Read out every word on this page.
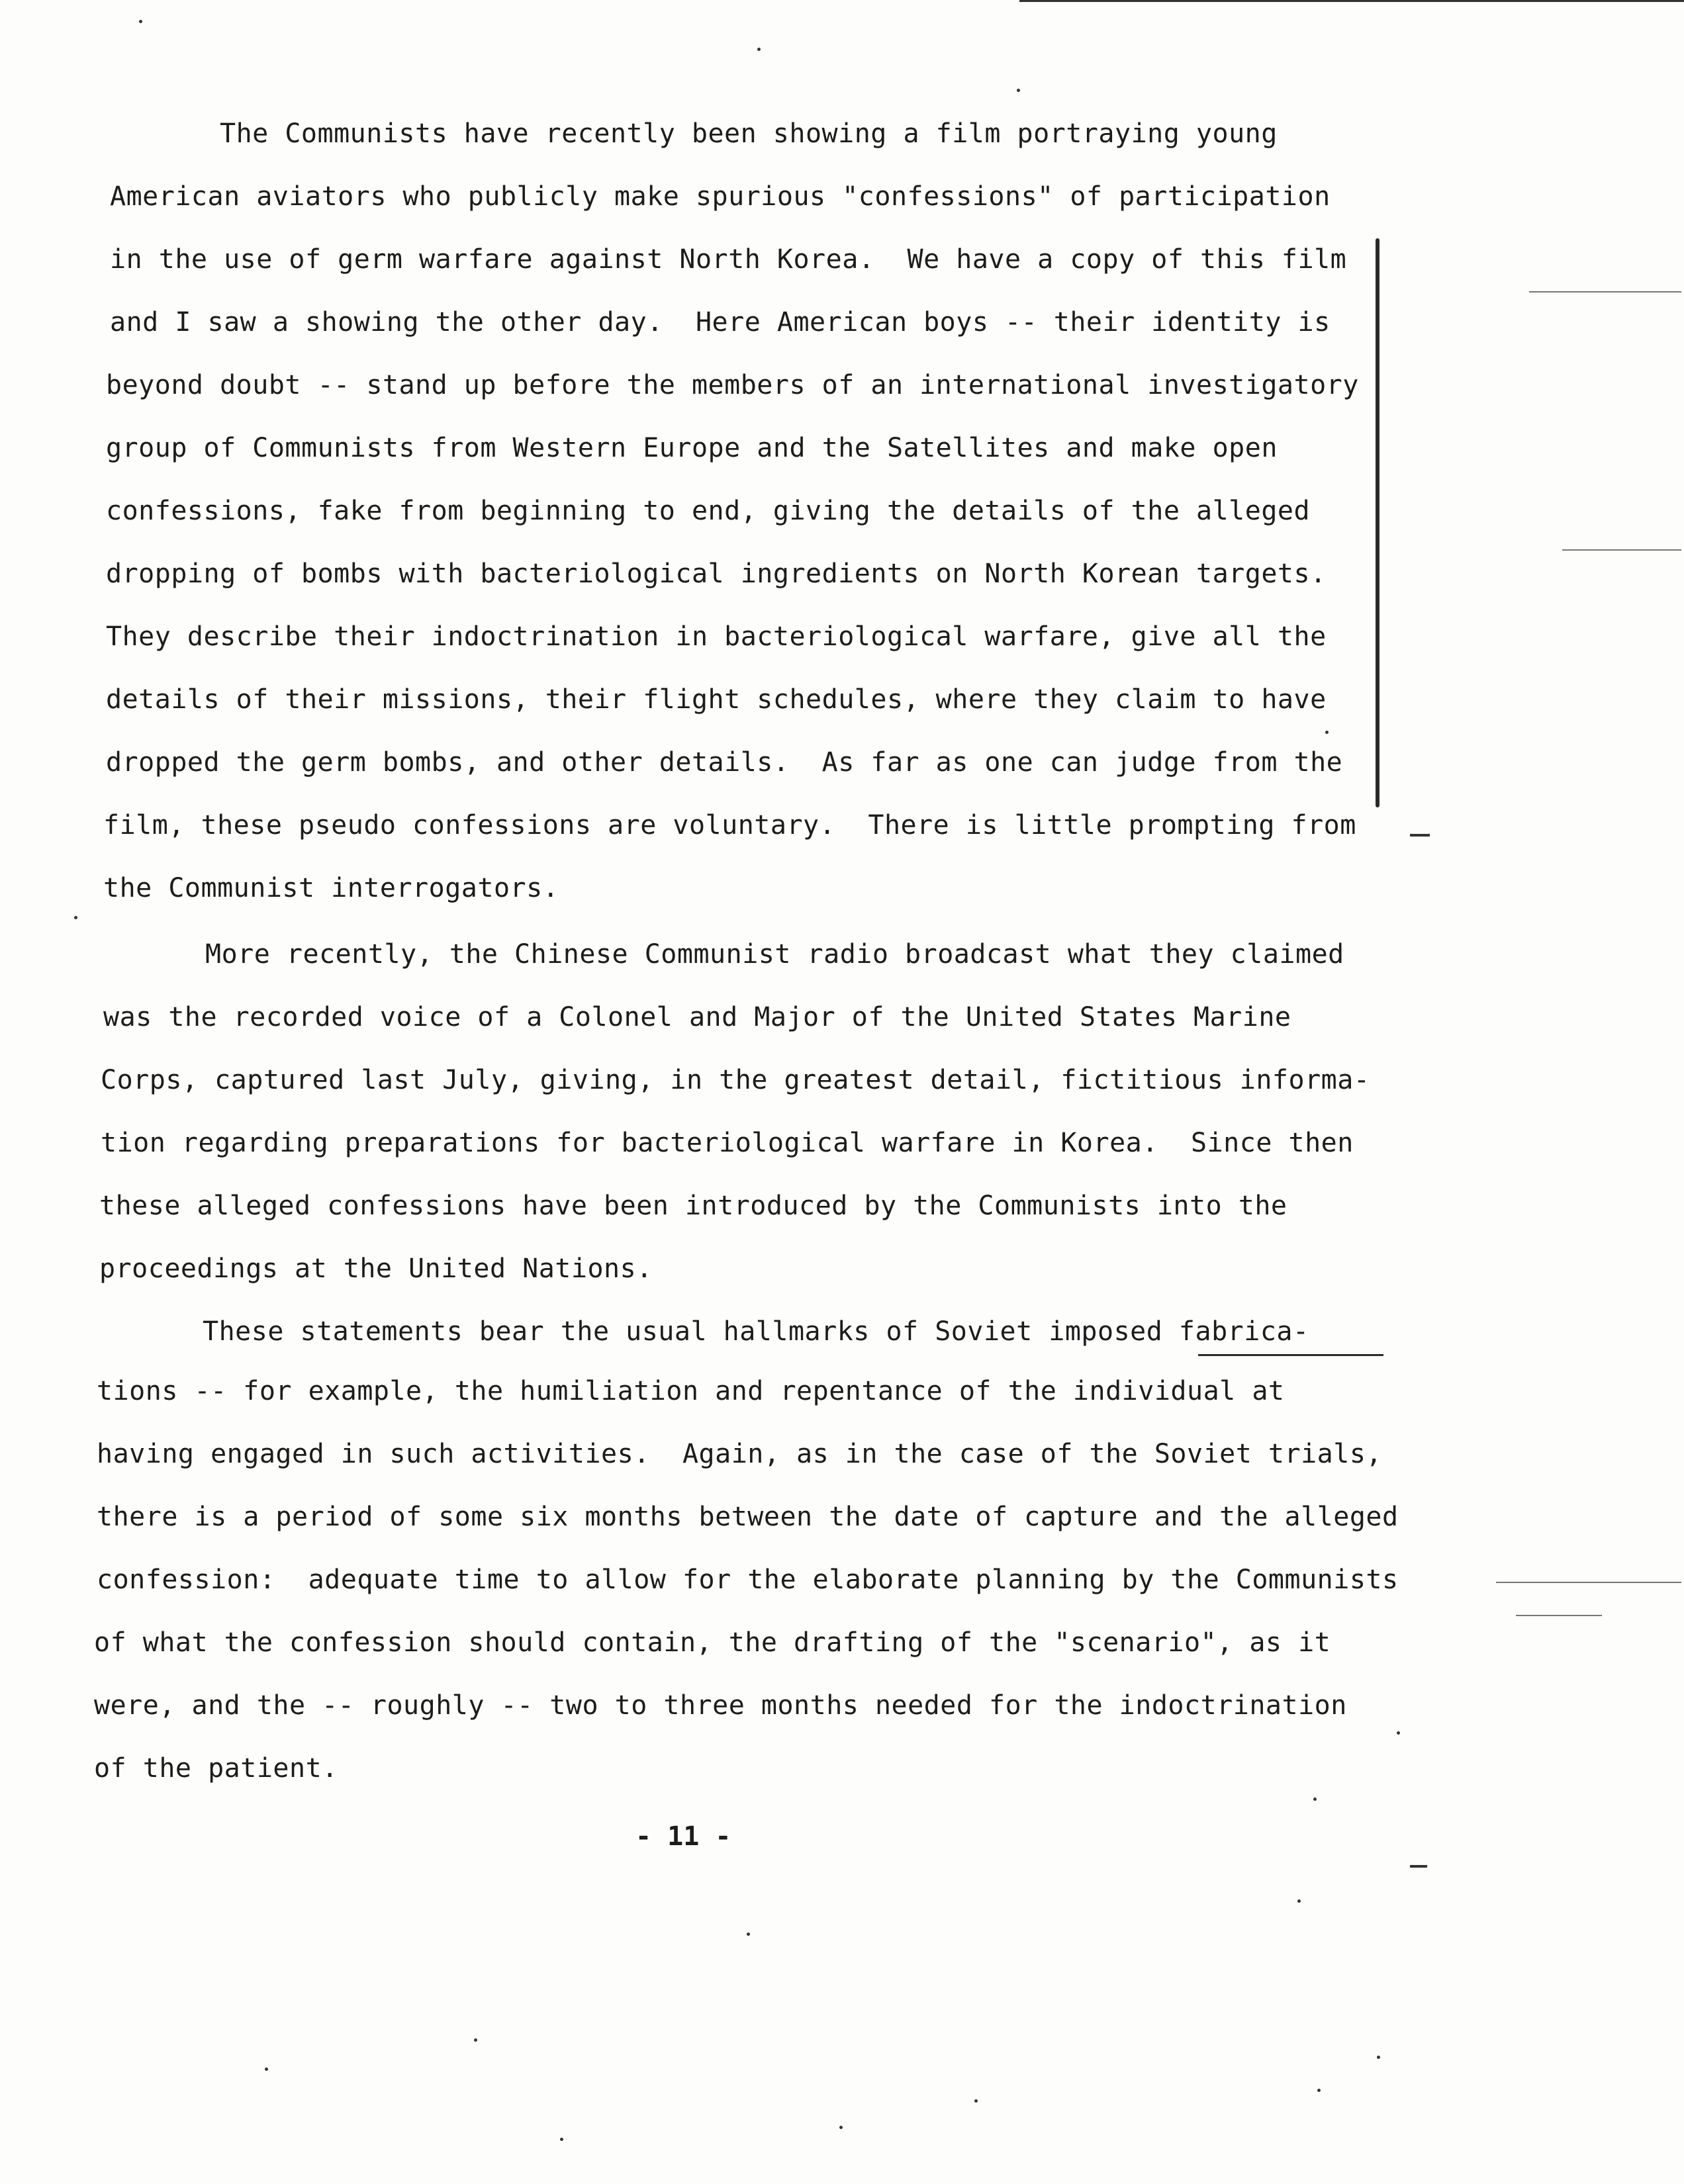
The Communists have recently been showing a film portraying young
American aviators who publicly make spurious "confessions" of participation
in the use of germ warfare against North Korea.  We have a copy of this film
and I saw a showing the other day.  Here American boys -- their identity is
beyond doubt -- stand up before the members of an international investigatory
group of Communists from Western Europe and the Satellites and make open
confessions, fake from beginning to end, giving the details of the alleged
dropping of bombs with bacteriological ingredients on North Korean targets.
They describe their indoctrination in bacteriological warfare, give all the
details of their missions, their flight schedules, where they claim to have
dropped the germ bombs, and other details.  As far as one can judge from the
film, these pseudo confessions are voluntary.  There is little prompting from
the Communist interrogators.
More recently, the Chinese Communist radio broadcast what they claimed
was the recorded voice of a Colonel and Major of the United States Marine
Corps, captured last July, giving, in the greatest detail, fictitious informa-
tion regarding preparations for bacteriological warfare in Korea.  Since then
these alleged confessions have been introduced by the Communists into the
proceedings at the United Nations.
These statements bear the usual hallmarks of Soviet imposed fabrica-
tions -- for example, the humiliation and repentance of the individual at
having engaged in such activities.  Again, as in the case of the Soviet trials,
there is a period of some six months between the date of capture and the alleged
confession:  adequate time to allow for the elaborate planning by the Communists
of what the confession should contain, the drafting of the "scenario", as it
were, and the -- roughly -- two to three months needed for the indoctrination
of the patient.
- 11 -
